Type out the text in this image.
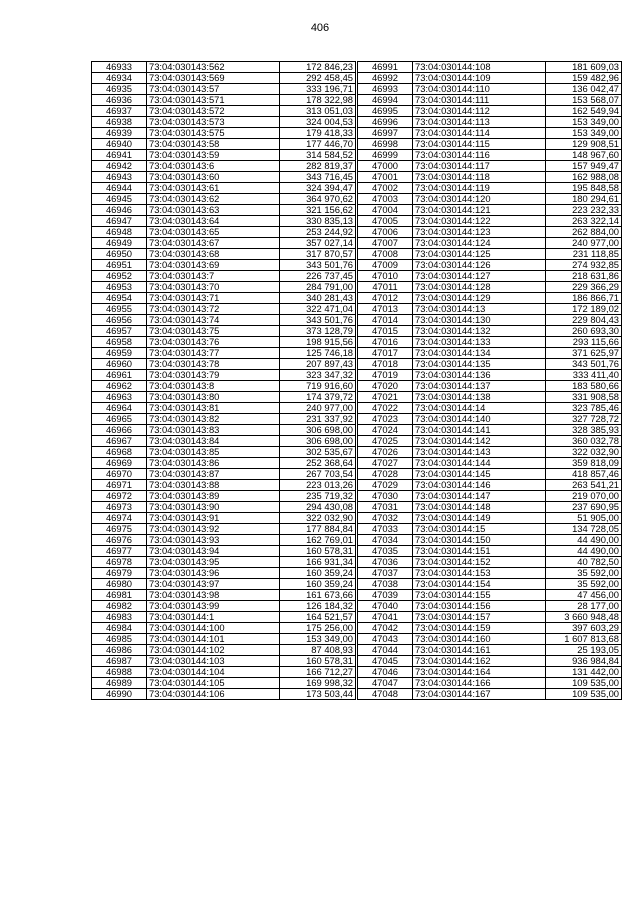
406
46933	73:04:030143:562	172 846,23
46934	73:04:030143:569	292 458,45
46935	73:04:030143:57	333 196,71
46936	73:04:030143:571	178 322,98
46937	73:04:030143:572	313 051,03
46938	73:04:030143:573	324 004,53
46939	73:04:030143:575	179 418,33
46940	73:04:030143:58	177 446,70
46941	73:04:030143:59	314 584,52
46942	73:04:030143:6	282 819,37
46943	73:04:030143:60	343 716,45
46944	73:04:030143:61	324 394,47
46945	73:04:030143:62	364 970,62
46946	73:04:030143:63	321 156,62
46947	73:04:030143:64	330 835,13
46948	73:04:030143:65	253 244,92
46949	73:04:030143:67	357 027,14
46950	73:04:030143:68	317 870,57
46951	73:04:030143:69	343 501,76
46952	73:04:030143:7	226 737,45
46953	73:04:030143:70	284 791,00
46954	73:04:030143:71	340 281,43
46955	73:04:030143:72	322 471,04
46956	73:04:030143:74	343 501,76
46957	73:04:030143:75	373 128,79
46958	73:04:030143:76	198 915,56
46959	73:04:030143:77	125 746,18
46960	73:04:030143:78	207 897,43
46961	73:04:030143:79	323 347,32
46962	73:04:030143:8	719 916,60
46963	73:04:030143:80	174 379,72
46964	73:04:030143:81	240 977,00
46965	73:04:030143:82	231 337,92
46966	73:04:030143:83	306 698,00
46967	73:04:030143:84	306 698,00
46968	73:04:030143:85	302 535,67
46969	73:04:030143:86	252 368,64
46970	73:04:030143:87	267 703,54
46971	73:04:030143:88	223 013,26
46972	73:04:030143:89	235 719,32
46973	73:04:030143:90	294 430,08
46974	73:04:030143:91	322 032,90
46975	73:04:030143:92	177 884,84
46976	73:04:030143:93	162 769,01
46977	73:04:030143:94	160 578,31
46978	73:04:030143:95	166 931,34
46979	73:04:030143:96	160 359,24
46980	73:04:030143:97	160 359,24
46981	73:04:030143:98	161 673,66
46982	73:04:030143:99	126 184,32
46983	73:04:030144:1	164 521,57
46984	73:04:030144:100	175 256,00
46985	73:04:030144:101	153 349,00
46986	73:04:030144:102	87 408,93
46987	73:04:030144:103	160 578,31
46988	73:04:030144:104	166 712,27
46989	73:04:030144:105	169 998,32
46990	73:04:030144:106	173 503,44
46991	73:04:030144:108	181 609,03
46992	73:04:030144:109	159 482,96
46993	73:04:030144:110	136 042,47
46994	73:04:030144:111	153 568,07
46995	73:04:030144:112	162 549,94
46996	73:04:030144:113	153 349,00
46997	73:04:030144:114	153 349,00
46998	73:04:030144:115	129 908,51
46999	73:04:030144:116	148 967,60
47000	73:04:030144:117	157 949,47
47001	73:04:030144:118	162 988,08
47002	73:04:030144:119	195 848,58
47003	73:04:030144:120	180 294,61
47004	73:04:030144:121	223 232,33
47005	73:04:030144:122	263 322,14
47006	73:04:030144:123	262 884,00
47007	73:04:030144:124	240 977,00
47008	73:04:030144:125	231 118,85
47009	73:04:030144:126	274 932,85
47010	73:04:030144:127	218 631,86
47011	73:04:030144:128	229 366,29
47012	73:04:030144:129	186 866,71
47013	73:04:030144:13	172 189,02
47014	73:04:030144:130	229 804,43
47015	73:04:030144:132	260 693,30
47016	73:04:030144:133	293 115,66
47017	73:04:030144:134	371 625,97
47018	73:04:030144:135	343 501,76
47019	73:04:030144:136	333 411,40
47020	73:04:030144:137	183 580,66
47021	73:04:030144:138	331 908,58
47022	73:04:030144:14	323 785,46
47023	73:04:030144:140	327 728,72
47024	73:04:030144:141	328 385,93
47025	73:04:030144:142	360 032,78
47026	73:04:030144:143	322 032,90
47027	73:04:030144:144	359 818,09
47028	73:04:030144:145	418 857,46
47029	73:04:030144:146	263 541,21
47030	73:04:030144:147	219 070,00
47031	73:04:030144:148	237 690,95
47032	73:04:030144:149	51 905,00
47033	73:04:030144:15	134 728,05
47034	73:04:030144:150	44 490,00
47035	73:04:030144:151	44 490,00
47036	73:04:030144:152	40 782,50
47037	73:04:030144:153	35 592,00
47038	73:04:030144:154	35 592,00
47039	73:04:030144:155	47 456,00
47040	73:04:030144:156	28 177,00
47041	73:04:030144:157	3 660 948,48
47042	73:04:030144:159	397 603,29
47043	73:04:030144:160	1 607 813,68
47044	73:04:030144:161	25 193,05
47045	73:04:030144:162	936 984,84
47046	73:04:030144:164	131 442,00
47047	73:04:030144:166	109 535,00
47048	73:04:030144:167	109 535,00
